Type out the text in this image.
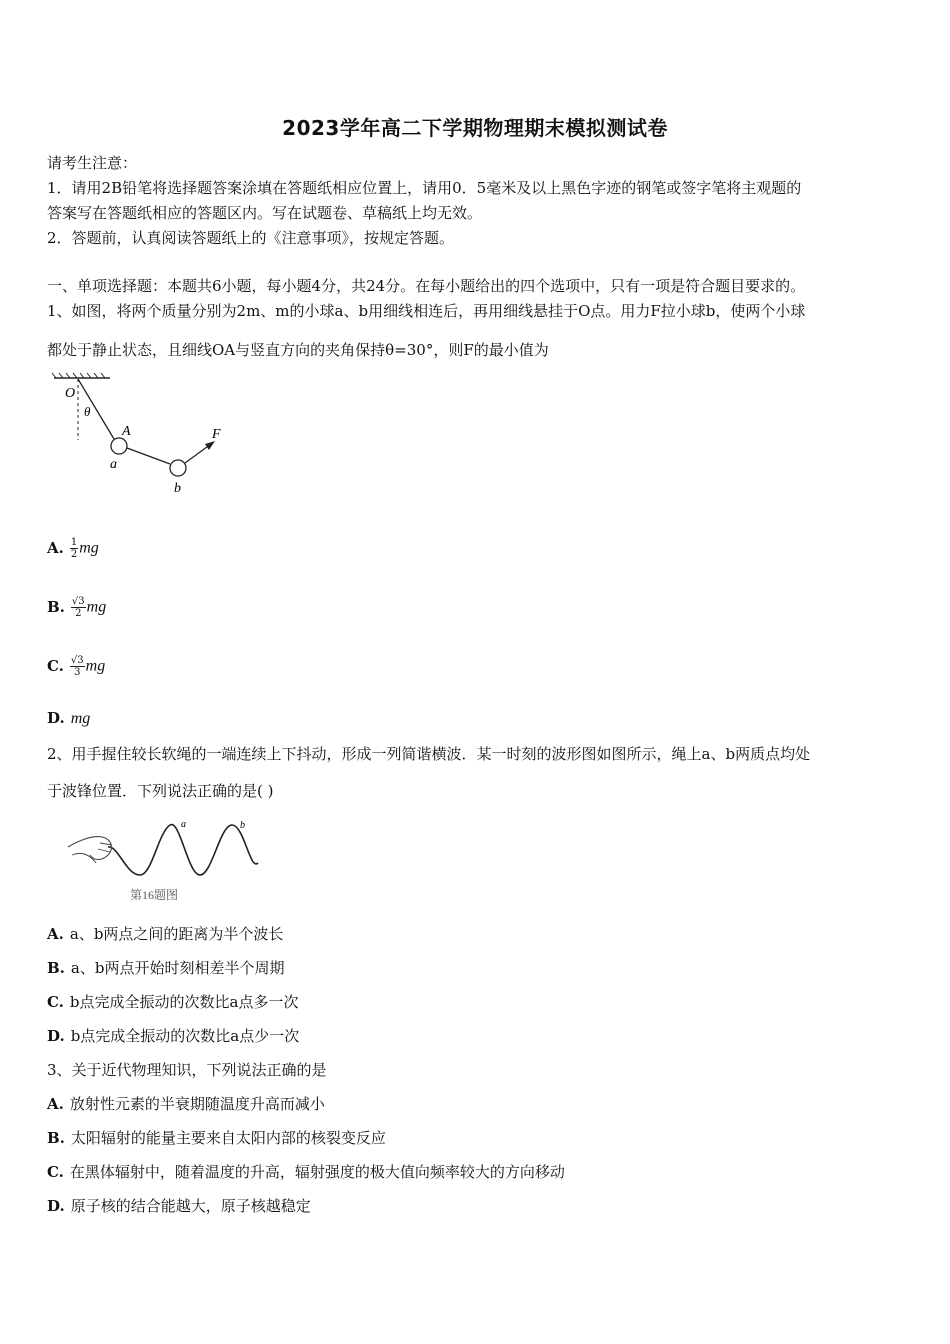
2023学年高二下学期物理期末模拟测试卷
请考生注意：
1．请用2B铅笔将选择题答案涂填在答题纸相应位置上，请用0．5毫米及以上黑色字迹的钢笔或签字笔将主观题的
答案写在答题纸相应的答题区内。写在试题卷、草稿纸上均无效。
2．答题前，认真阅读答题纸上的《注意事项》，按规定答题。
一、单项选择题：本题共6小题，每小题4分，共24分。在每小题给出的四个选项中，只有一项是符合题目要求的。
1、如图，将两个质量分别为2m、m的小球a、b用细线相连后，再用细线悬挂于O点。用力F拉小球b，使两个小球
都处于静止状态，且细线OA与竖直方向的夹角保持θ=30°，则F的最小值为
O
θ
A
a
b
F
A. $\frac{1}{2}$ mg
B. $\frac{√3}{2}$ mg
C. $\frac{√3}{3}$ mg
D. mg
2、用手握住较长软绳的一端连续上下抖动，形成一列简谐横波．某一时刻的波形图如图所示，绳上a、b两质点均处
于波锋位置．下列说法正确的是( )
a	b
第16题图
A. a、b两点之间的距离为半个波长
B. a、b两点开始时刻相差半个周期
C. b点完成全振动的次数比a点多一次
D. b点完成全振动的次数比a点少一次
3、关于近代物理知识，下列说法正确的是
A. 放射性元素的半衰期随温度升高而减小
B. 太阳辐射的能量主要来自太阳内部的核裂变反应
C. 在黑体辐射中，随着温度的升高，辐射强度的极大值向频率较大的方向移动
D. 原子核的结合能越大，原子核越稳定
